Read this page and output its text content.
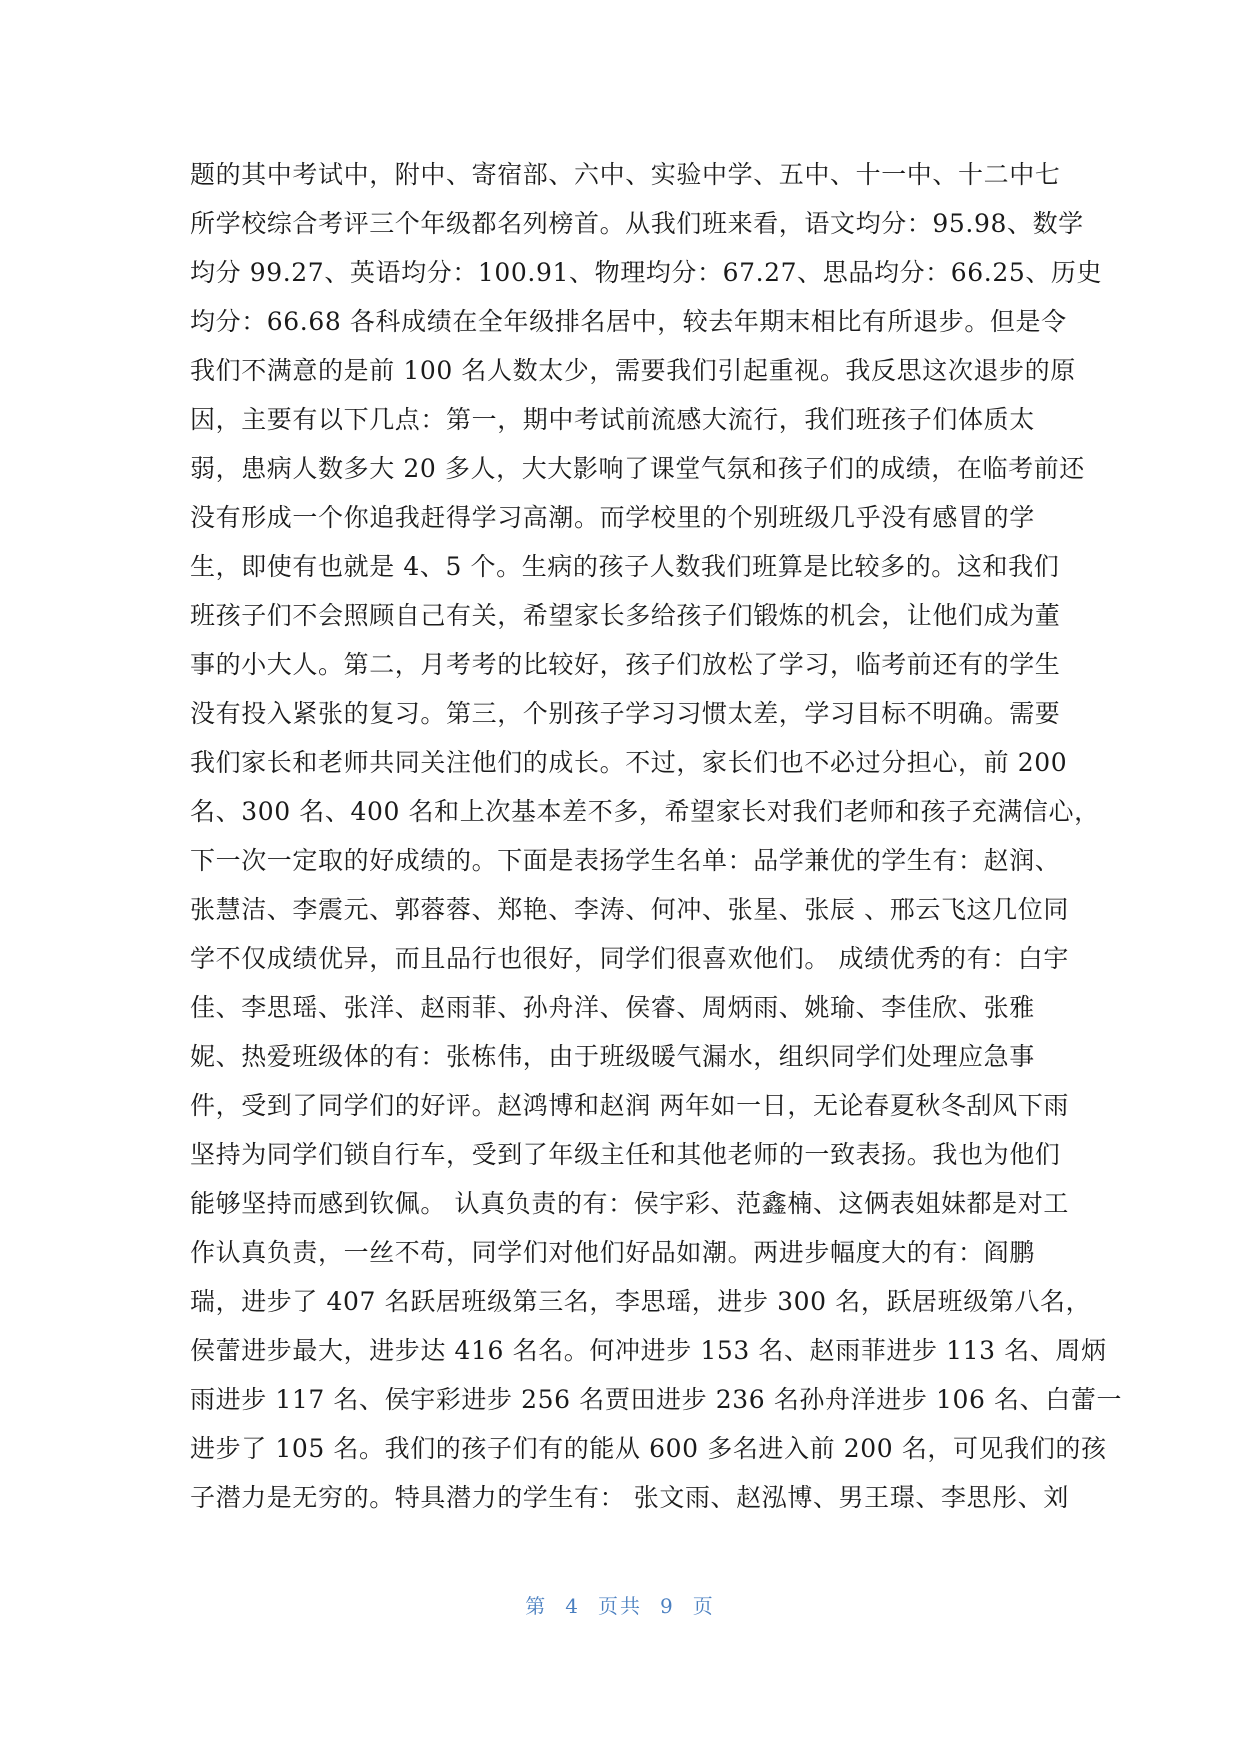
题的其中考试中，附中、寄宿部、六中、实验中学、五中、十一中、十二中七
所学校综合考评三个年级都名列榜首。从我们班来看，语文均分：95.98、数学
均分 99.27、英语均分：100.91、物理均分：67.27、思品均分：66.25、历史
均分：66.68 各科成绩在全年级排名居中，较去年期末相比有所退步。但是令
我们不满意的是前 100 名人数太少，需要我们引起重视。我反思这次退步的原
因，主要有以下几点：第一，期中考试前流感大流行，我们班孩子们体质太
弱，患病人数多大 20 多人，大大影响了课堂气氛和孩子们的成绩，在临考前还
没有形成一个你追我赶得学习高潮。而学校里的个别班级几乎没有感冒的学
生，即使有也就是 4、5 个。生病的孩子人数我们班算是比较多的。这和我们
班孩子们不会照顾自己有关，希望家长多给孩子们锻炼的机会，让他们成为董
事的小大人。第二，月考考的比较好，孩子们放松了学习，临考前还有的学生
没有投入紧张的复习。第三，个别孩子学习习惯太差，学习目标不明确。需要
我们家长和老师共同关注他们的成长。不过，家长们也不必过分担心，前 200
名、300 名、400 名和上次基本差不多，希望家长对我们老师和孩子充满信心，
下一次一定取的好成绩的。下面是表扬学生名单：品学兼优的学生有：赵润、
张慧洁、李震元、郭蓉蓉、郑艳、李涛、何冲、张星、张辰 、邢云飞这几位同
学不仅成绩优异，而且品行也很好，同学们很喜欢他们。 成绩优秀的有：白宇
佳、李思瑶、张洋、赵雨菲、孙舟洋、侯睿、周炳雨、姚瑜、李佳欣、张雅
妮、热爱班级体的有：张栋伟，由于班级暖气漏水，组织同学们处理应急事
件，受到了同学们的好评。赵鸿博和赵润 两年如一日，无论春夏秋冬刮风下雨
坚持为同学们锁自行车，受到了年级主任和其他老师的一致表扬。我也为他们
能够坚持而感到钦佩。 认真负责的有：侯宇彩、范鑫楠、这俩表姐妹都是对工
作认真负责，一丝不苟，同学们对他们好品如潮。两进步幅度大的有：阎鹏
瑞，进步了 407 名跃居班级第三名，李思瑶，进步 300 名，跃居班级第八名，
侯蕾进步最大，进步达 416 名名。何冲进步 153 名、赵雨菲进步 113 名、周炳
雨进步 117 名、侯宇彩进步 256 名贾田进步 236 名孙舟洋进步 106 名、白蕾一
进步了 105 名。我们的孩子们有的能从 600 多名进入前 200 名，可见我们的孩
子潜力是无穷的。特具潜力的学生有： 张文雨、赵泓博、男王璟、李思彤、刘
第 4 页共 9 页
